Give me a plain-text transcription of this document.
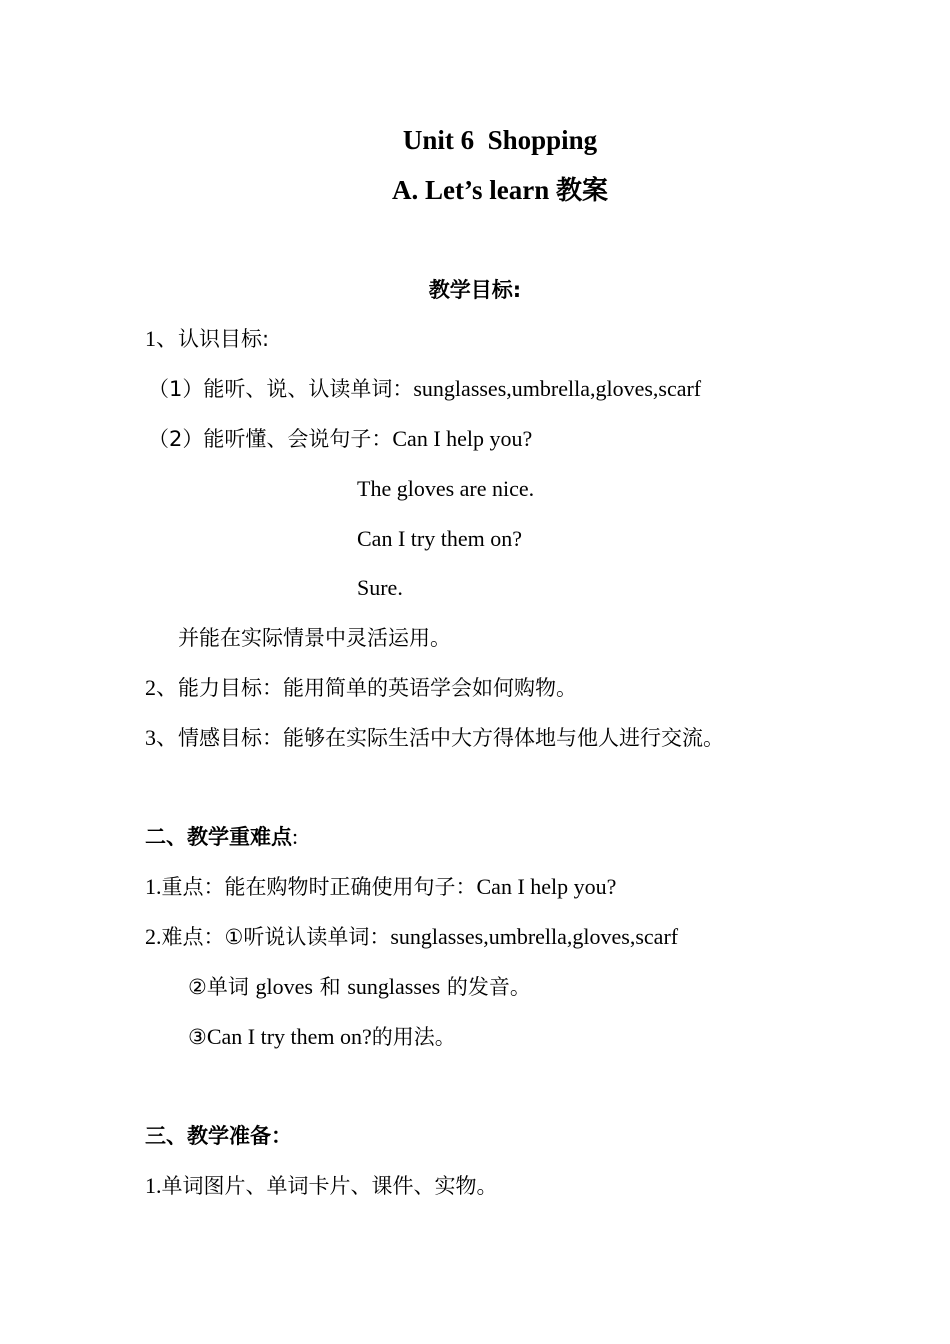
Unit 6  Shopping
A. Let’s learn 教案
教学目标:
1、认识目标:
（1）能听、说、认读单词：sunglasses,umbrella,gloves,scarf
（2）能听懂、会说句子：Can I help you?
The gloves are nice.
Can I try them on?
Sure.
并能在实际情景中灵活运用。
2、能力目标：能用简单的英语学会如何购物。
3、情感目标：能够在实际生活中大方得体地与他人进行交流。
二、教学重难点:
1.重点：能在购物时正确使用句子：Can I help you?
2.难点：①听说认读单词：sunglasses,umbrella,gloves,scarf
②单词 gloves 和 sunglasses 的发音。
③Can I try them on?的用法。
三、教学准备：
1.单词图片、单词卡片、课件、实物。
